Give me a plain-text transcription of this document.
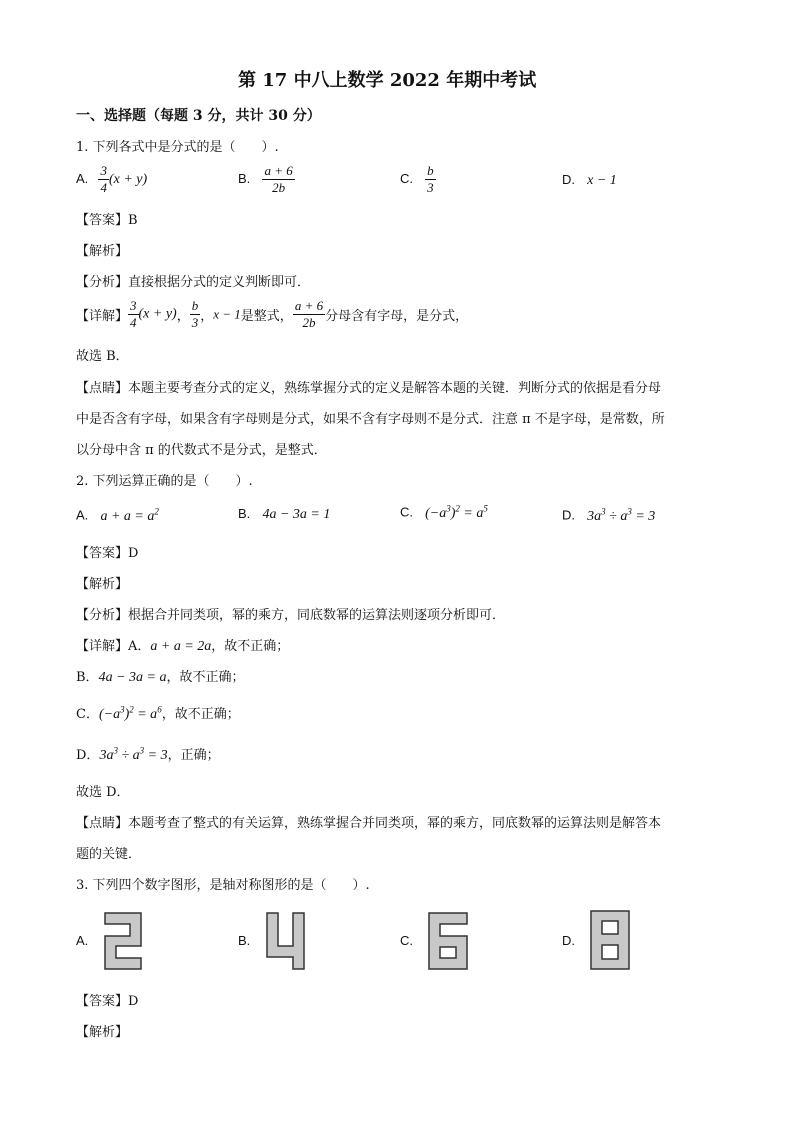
第 17 中八上数学 2022 年期中考试
一、选择题（每题 3 分，共计 30 分）
1. 下列各式中是分式的是（　　）.
A. $\frac{3}{4} (x + y)$	B. $\frac{a + 6}{2b}$	C. $\frac{b}{3}$	D. x − 1
【答案】B
【解析】
【分析】直接根据分式的定义判断即可．
【详解】 $\frac{3}{4} (x + y)$， $\frac{b}{3}$ ，x − 1是整式， $\frac{a + 6}{2b}$ 分母含有字母，是分式，
故选 B．
【点睛】本题主要考查分式的定义，熟练掌握分式的定义是解答本题的关键．判断分式的依据是看分母
中是否含有字母，如果含有字母则是分式，如果不含有字母则不是分式．注意 π 不是字母，是常数，所
以分母中含 π 的代数式不是分式，是整式．
2. 下列运算正确的是（　　）.
A. $a + a = a^2$	B. 4a − 3a = 1	C. $(-a^3)^2 = a^5$	D. $3a^3 \div a^3 = 3$
【答案】D
【解析】
【分析】根据合并同类项，幂的乘方，同底数幂的运算法则逐项分析即可．
【详解】A．a + a = 2a，故不正确；
B．4a − 3a = a，故不正确；
C．$(-a^3)^2 = a^6$，故不正确；
D．$3a^3 \div a^3 = 3$，正确；
故选 D．
【点睛】本题考查了整式的有关运算，熟练掌握合并同类项，幂的乘方，同底数幂的运算法则是解答本
题的关键．
3. 下列四个数字图形，是轴对称图形的是（　　）.
A.	B.	C.	D.
【答案】D
【解析】
